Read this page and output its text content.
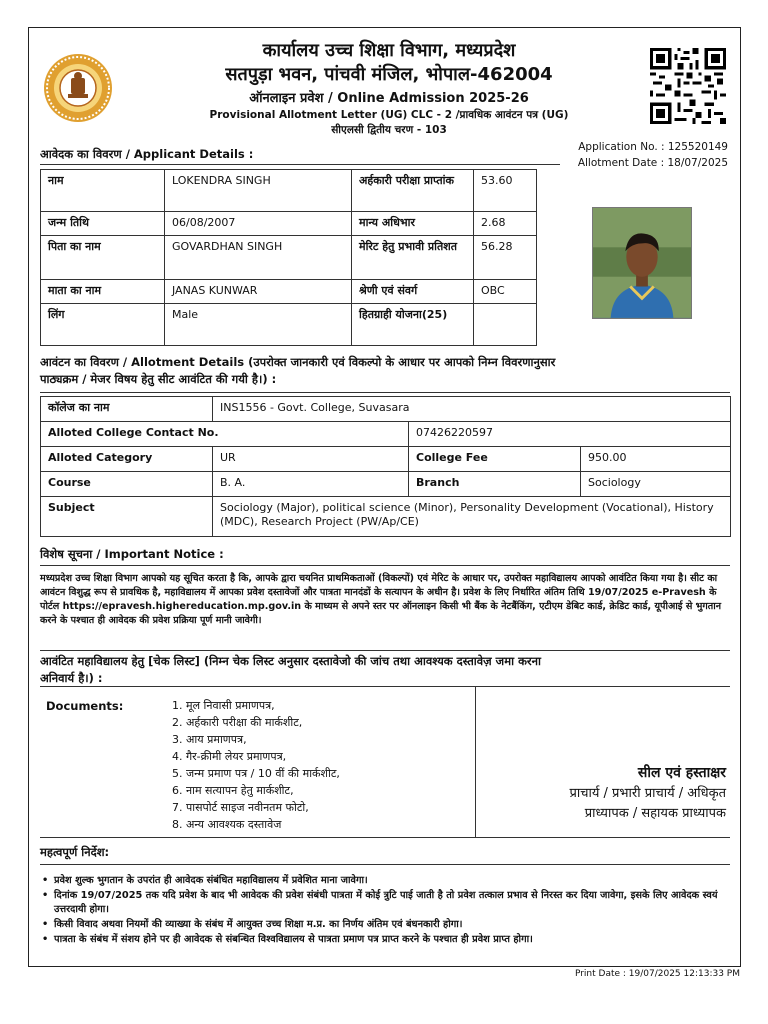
कार्यालय उच्च शिक्षा विभाग, मध्यप्रदेश
सतपुड़ा भवन, पांचवी मंजिल, भोपाल-462004
ऑनलाइन प्रवेश / Online Admission 2025-26
Provisional Allotment Letter (UG) CLC - 2 /प्रावधिक आवंटन पत्र (UG)
सीएलसी द्वितीय चरण - 103
Application No. : 125520149
Allotment Date : 18/07/2025
आवेदक का विवरण / Applicant Details :
नाम	LOKENDRA SINGH	अर्हकारी परीक्षा प्राप्तांक	53.60
जन्म तिथि	06/08/2007	मान्य अधिभार	2.68
पिता का नाम	GOVARDHAN SINGH	मेरिट हेतु प्रभावी प्रतिशत	56.28
माता का नाम	JANAS KUNWAR	श्रेणी एवं संवर्ग	OBC
लिंग	Male	हितग्राही योजना(25)	
आवंटन का विवरण / Allotment Details (उपरोक्त जानकारी एवं विकल्पो के आधार पर आपको निम्न विवरणानुसार
पाठ्यक्रम / मेजर विषय हेतु सीट आवंटित की गयी है।) :
कॉलेज का नाम	INS1556 - Govt. College, Suvasara		
Alloted College Contact No.		07426220597	
Alloted Category	UR	College Fee	950.00
Course	B. A.	Branch	Sociology
Subject	Sociology (Major), political science (Minor), Personality Development (Vocational), History (MDC), Research Project (PW/Ap/CE)		
विशेष सूचना / Important Notice :
मध्यप्रदेश उच्च शिक्षा विभाग आपको यह सूचित करता है कि, आपके द्वारा चयनित प्राथमिकताओं (विकल्पों) एवं मेरिट के आधार पर, उपरोक्त महाविद्यालय आपको आवंटित किया गया है। सीट का आवंटन विशुद्ध रूप से प्रावधिक है, महाविद्यालय में आपका प्रवेश दस्तावेजों और पात्रता मानदंडों के सत्यापन के अधीन है। प्रवेश के लिए निर्धारित अंतिम तिथि 19/07/2025 e-Pravesh के पोर्टल https://epravesh.highereducation.mp.gov.in के माध्यम से अपने स्तर पर ऑनलाइन किसी भी बैंक के नेटबैंकिंग, एटीएम डेबिट कार्ड, क्रेडिट कार्ड, यूपीआई से भुगतान करने के पश्चात ही आवेदक की प्रवेश प्रक्रिया पूर्ण मानी जावेगी।
आवंटित महाविद्यालय हेतु [चेक लिस्ट] (निम्न चेक लिस्ट अनुसार दस्तावेजो की जांच तथा आवश्यक दस्तावेज़ जमा करना
अनिवार्य है।) :
Documents:	1. मूल निवासी प्रमाणपत्र,
2. अर्हकारी परीक्षा की मार्कशीट,
3. आय प्रमाणपत्र,
4. गैर-क्रीमी लेयर प्रमाणपत्र,
5. जन्म प्रमाण पत्र / 10 वीं की मार्कशीट,
6. नाम सत्यापन हेतु मार्कशीट,
7. पासपोर्ट साइज नवीनतम फोटो,
8. अन्य आवश्यक दस्तावेज
सील एवं हस्ताक्षर
प्राचार्य / प्रभारी प्राचार्य / अधिकृत
प्राध्यापक / सहायक प्राध्यापक
महत्वपूर्ण निर्देश:
• प्रवेश शुल्क भुगतान के उपरांत ही आवेदक संबंधित महाविद्यालय में प्रवेशित माना जावेगा।
• दिनांक 19/07/2025 तक यदि प्रवेश के बाद भी आवेदक की प्रवेश संबंधी पात्रता में कोई त्रुटि पाई जाती है तो प्रवेश तत्काल प्रभाव से निरस्त कर दिया जावेगा, इसके लिए आवेदक स्वयं उत्तरदायी होगा।
• किसी विवाद अथवा नियमों की व्याख्या के संबंध में आयुक्त उच्च शिक्षा म.प्र. का निर्णय अंतिम एवं बंधनकारी होगा।
• पात्रता के संबंध में संशय होने पर ही आवेदक से संबन्धित विश्वविद्यालय से पात्रता प्रमाण पत्र प्राप्त करने के पश्चात ही प्रवेश प्राप्त होगा।
Print Date : 19/07/2025 12:13:33 PM
